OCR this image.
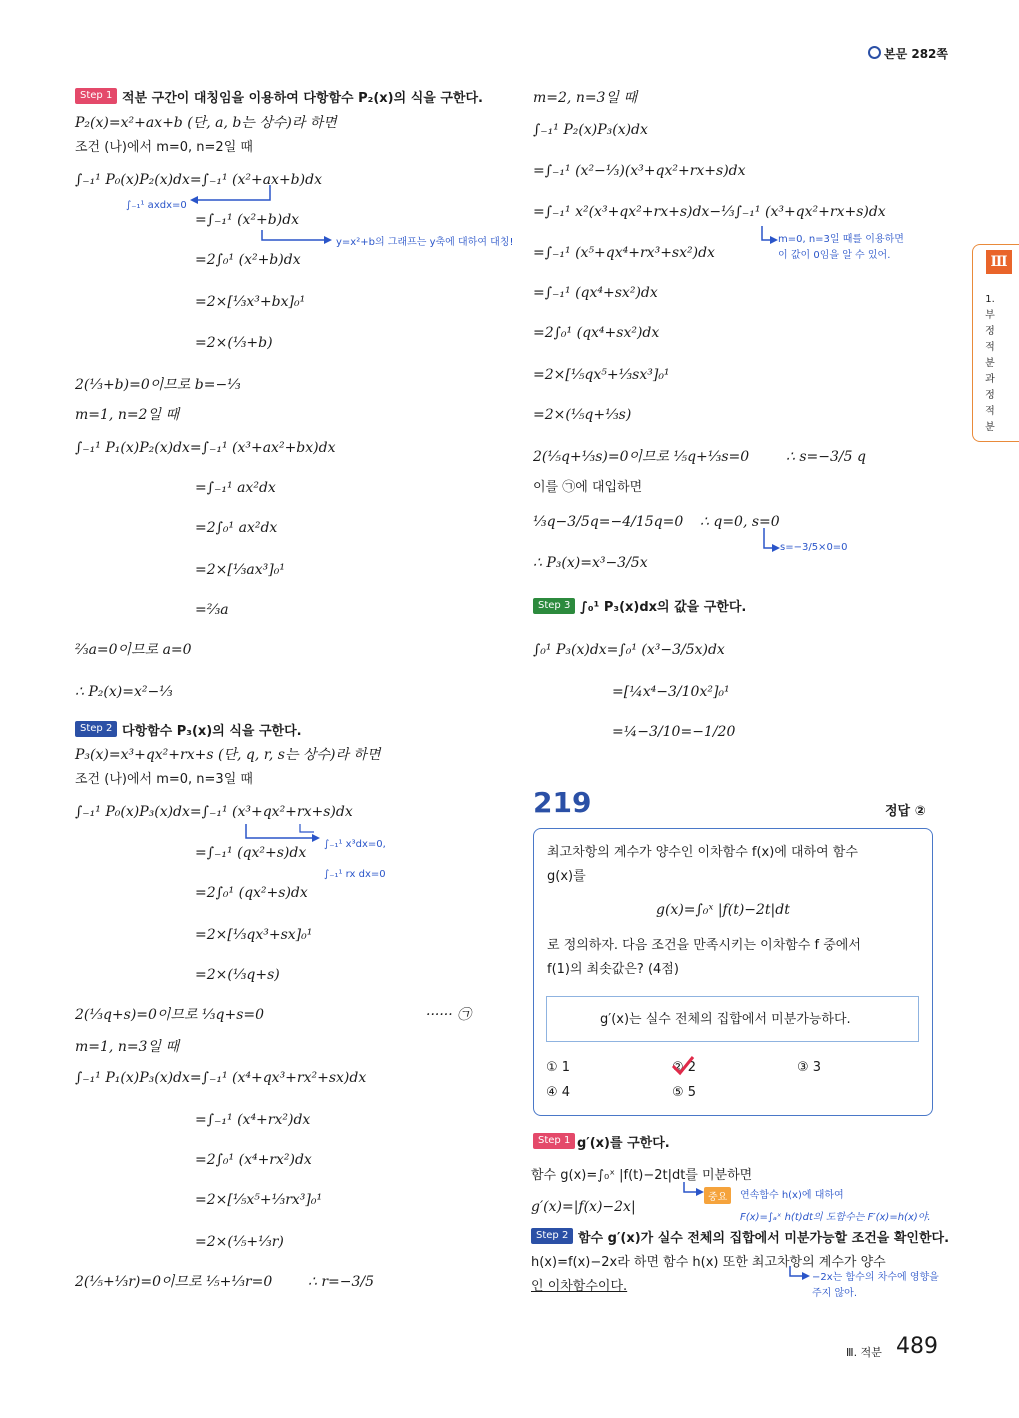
본문 282쪽
Ⅲ
1.
부
정
적
분
과
정
적
분
Step 1 적분 구간이 대칭임을 이용하여 다항함수 P₂(x)의 식을 구한다.
P₂(x)=x²+ax+b (단, a, b는 상수)라 하면
조건 (나)에서 m=0, n=2일 때
∫₋₁¹ P₀(x)P₂(x)dx=∫₋₁¹ (x²+ax+b)dx
=∫₋₁¹ (x²+b)dx
=2∫₀¹ (x²+b)dx
=2×[⅓x³+bx]₀¹
=2×(⅓+b)
2(⅓+b)=0이므로 b=−⅓
m=1, n=2일 때
∫₋₁¹ P₁(x)P₂(x)dx=∫₋₁¹ (x³+ax²+bx)dx
=∫₋₁¹ ax²dx
=2∫₀¹ ax²dx
=2×[⅓ax³]₀¹
=⅔a
⅔a=0이므로 a=0
∴ P₂(x)=x²−⅓
∫₋₁¹ axdx=0
y=x²+b의 그래프는 y축에 대하여 대칭!
Step 2 다항함수 P₃(x)의 식을 구한다.
P₃(x)=x³+qx²+rx+s (단, q, r, s는 상수)라 하면
조건 (나)에서 m=0, n=3일 때
∫₋₁¹ P₀(x)P₃(x)dx=∫₋₁¹ (x³+qx²+rx+s)dx
=∫₋₁¹ (qx²+s)dx
=2∫₀¹ (qx²+s)dx
=2×[⅓qx³+sx]₀¹
=2×(⅓q+s)
2(⅓q+s)=0이므로 ⅓q+s=0	······ ㉠
m=1, n=3일 때
∫₋₁¹ P₁(x)P₃(x)dx=∫₋₁¹ (x⁴+qx³+rx²+sx)dx
=∫₋₁¹ (x⁴+rx²)dx
=2∫₀¹ (x⁴+rx²)dx
=2×[⅕x⁵+⅓rx³]₀¹
=2×(⅕+⅓r)
2(⅕+⅓r)=0이므로 ⅕+⅓r=0	∴ r=−3/5
∫₋₁¹ x³dx=0,
∫₋₁¹ rx dx=0
m=2, n=3일 때
∫₋₁¹ P₂(x)P₃(x)dx
=∫₋₁¹ (x²−⅓)(x³+qx²+rx+s)dx
=∫₋₁¹ x²(x³+qx²+rx+s)dx−⅓∫₋₁¹ (x³+qx²+rx+s)dx
=∫₋₁¹ (x⁵+qx⁴+rx³+sx²)dx
=∫₋₁¹ (qx⁴+sx²)dx
=2∫₀¹ (qx⁴+sx²)dx
=2×[⅕qx⁵+⅓sx³]₀¹
=2×(⅕q+⅓s)
2(⅕q+⅓s)=0이므로 ⅕q+⅓s=0	∴ s=−3/5 q
이를 ㉠에 대입하면
⅓q−3/5q=−4/15q=0 ∴ q=0, s=0
∴ P₃(x)=x³−3/5x
m=0, n=3일 때를 이용하면
이 값이 0임을 알 수 있어.
s=−3/5×0=0
Step 3 ∫₀¹ P₃(x)dx의 값을 구한다.
∫₀¹ P₃(x)dx=∫₀¹ (x³−3/5x)dx
=[¼x⁴−3/10x²]₀¹
=¼−3/10=−1/20
219	정답 ②
최고차항의 계수가 양수인 이차함수 f(x)에 대하여 함수
g(x)를
g(x)=∫₀ˣ |f(t)−2t|dt
로 정의하자. 다음 조건을 만족시키는 이차함수 f 중에서
f(1)의 최솟값은? (4점)
g′(x)는 실수 전체의 집합에서 미분가능하다.
① 1	② 2	③ 3
④ 4	⑤ 5
Step 1 g′(x)를 구한다.
함수 g(x)=∫₀ˣ |f(t)−2t|dt를 미분하면
g′(x)=|f(x)−2x|
중요	연속함수 h(x)에 대하여
F(x)=∫ₐˣ h(t)dt의 도함수는 F′(x)=h(x)야.
Step 2 함수 g′(x)가 실수 전체의 집합에서 미분가능할 조건을 확인한다.
h(x)=f(x)−2x라 하면 함수 h(x) 또한 최고차항의 계수가 양수
인 이차함수이다.
−2x는 함수의 차수에 영향을
주지 않아.
Ⅲ. 적분 489
